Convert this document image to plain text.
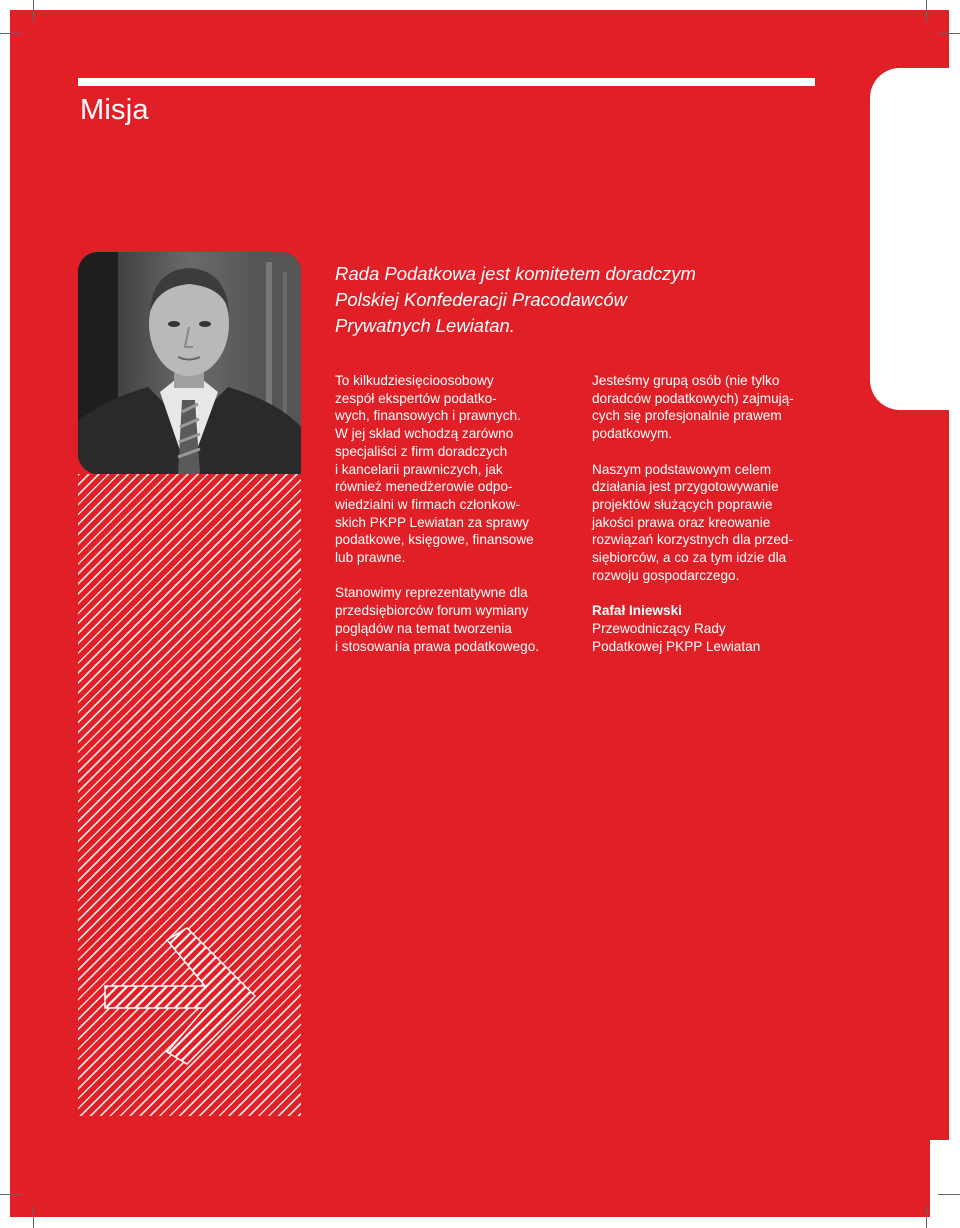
Misja

Rada Podatkowa jest komitetem doradczym
Polskiej Konfederacji Pracodawców
Prywatnych Lewiatan.

To kilkudziesięcioosobowy
zespół ekspertów podatko-
wych, finansowych i prawnych.
W jej skład wchodzą zarówno
specjaliści z firm doradczych
i kancelarii prawniczych, jak
również menedżerowie odpo-
wiedzialni w firmach członkow-
skich PKPP Lewiatan za sprawy
podatkowe, księgowe, finansowe
lub prawne.

Stanowimy reprezentatywne dla
przedsiębiorców forum wymiany
poglądów na temat tworzenia
i stosowania prawa podatkowego.

Jesteśmy grupą osób (nie tylko
doradców podatkowych) zajmują-
cych się profesjonalnie prawem
podatkowym.

Naszym podstawowym celem
działania jest przygotowywanie
projektów służących poprawie
jakości prawa oraz kreowanie
rozwiązań korzystnych dla przed-
siębiorców, a co za tym idzie dla
rozwoju gospodarczego.

Rafał Iniewski
Przewodniczący Rady
Podatkowej PKPP Lewiatan
